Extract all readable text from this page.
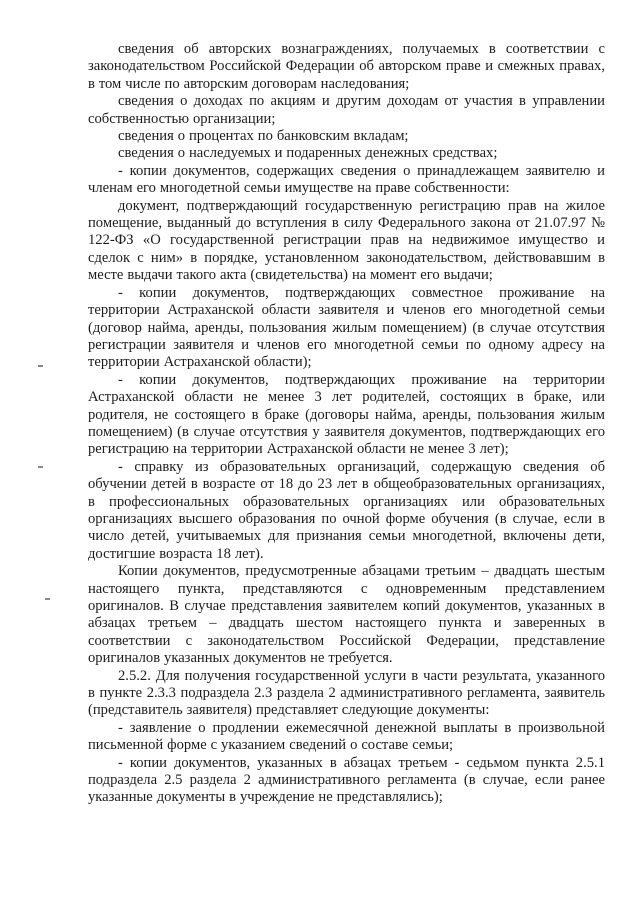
сведения об авторских вознаграждениях, получаемых в соответствии с законодательством Российской Федерации об авторском праве и смежных правах, в том числе по авторским договорам наследования;

сведения о доходах по акциям и другим доходам от участия в управлении собственностью организации;

сведения о процентах по банковским вкладам;

сведения о наследуемых и подаренных денежных средствах;

- копии документов, содержащих сведения о принадлежащем заявителю и членам его многодетной семьи имуществе на праве собственности:

документ, подтверждающий государственную регистрацию прав на жилое помещение, выданный до вступления в силу Федерального закона от 21.07.97 № 122-ФЗ «О государственной регистрации прав на недвижимое имущество и сделок с ним» в порядке, установленном законодательством, действовавшим в месте выдачи такого акта (свидетельства) на момент его выдачи;

- копии документов, подтверждающих совместное проживание на территории Астраханской области заявителя и членов его многодетной семьи (договор найма, аренды, пользования жилым помещением) (в случае отсутствия регистрации заявителя и членов его многодетной семьи по одному адресу на территории Астраханской области);

- копии документов, подтверждающих проживание на территории Астраханской области не менее 3 лет родителей, состоящих в браке, или родителя, не состоящего в браке (договоры найма, аренды, пользования жилым помещением) (в случае отсутствия у заявителя документов, подтверждающих его регистрацию на территории Астраханской области не менее 3 лет);

- справку из образовательных организаций, содержащую сведения об обучении детей в возрасте от 18 до 23 лет в общеобразовательных организациях, в профессиональных образовательных организациях или образовательных организациях высшего образования по очной форме обучения (в случае, если в число детей, учитываемых для признания семьи многодетной, включены дети, достигшие возраста 18 лет).

Копии документов, предусмотренные абзацами третьим – двадцать шестым настоящего пункта, представляются с одновременным представлением оригиналов. В случае представления заявителем копий документов, указанных в абзацах третьем – двадцать шестом настоящего пункта и заверенных в соответствии с законодательством Российской Федерации, представление оригиналов указанных документов не требуется.

2.5.2. Для получения государственной услуги в части результата, указанного в пункте 2.3.3 подраздела 2.3 раздела 2 административного регламента, заявитель (представитель заявителя) представляет следующие документы:

- заявление о продлении ежемесячной денежной выплаты в произвольной письменной форме с указанием сведений о составе семьи;

- копии документов, указанных в абзацах третьем - седьмом пункта 2.5.1 подраздела 2.5 раздела 2 административного регламента (в случае, если ранее указанные документы в учреждение не представлялись);
